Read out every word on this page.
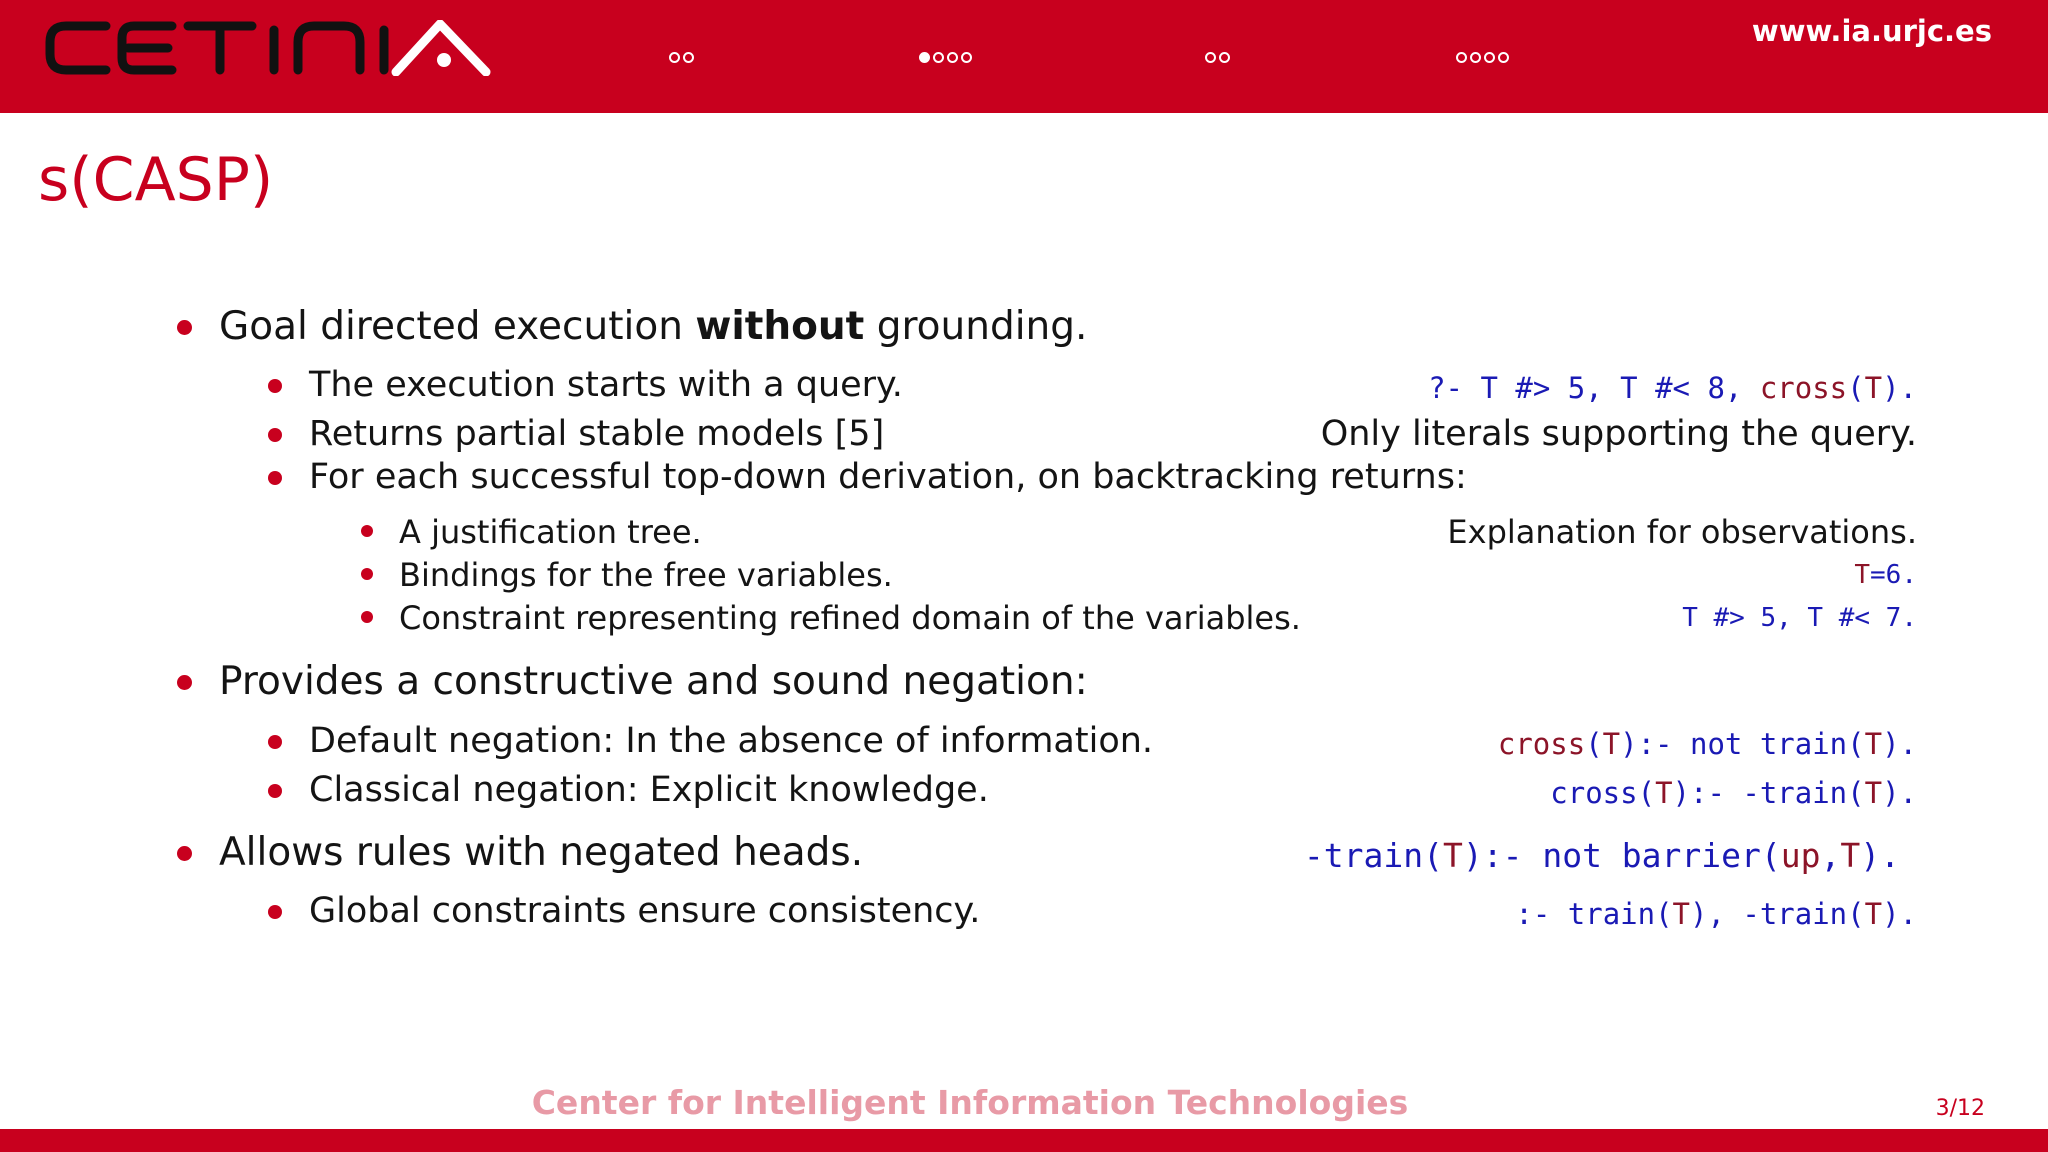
www.ia.urjc.es
s(CASP)
Goal directed execution without grounding.
The execution starts with a query.	?- T #> 5, T #< 8, cross(T).
Returns partial stable models [5]	Only literals supporting the query.
For each successful top-down derivation, on backtracking returns:
A justification tree.	Explanation for observations.
Bindings for the free variables.	T=6.
Constraint representing refined domain of the variables.	T #> 5, T #< 7.
Provides a constructive and sound negation:
Default negation: In the absence of information.	cross(T):- not train(T).
Classical negation: Explicit knowledge.	cross(T):- -train(T).
Allows rules with negated heads.	-train(T):- not barrier(up,T).
Global constraints ensure consistency.	:- train(T), -train(T).
Center for Intelligent Information Technologies	3/12
